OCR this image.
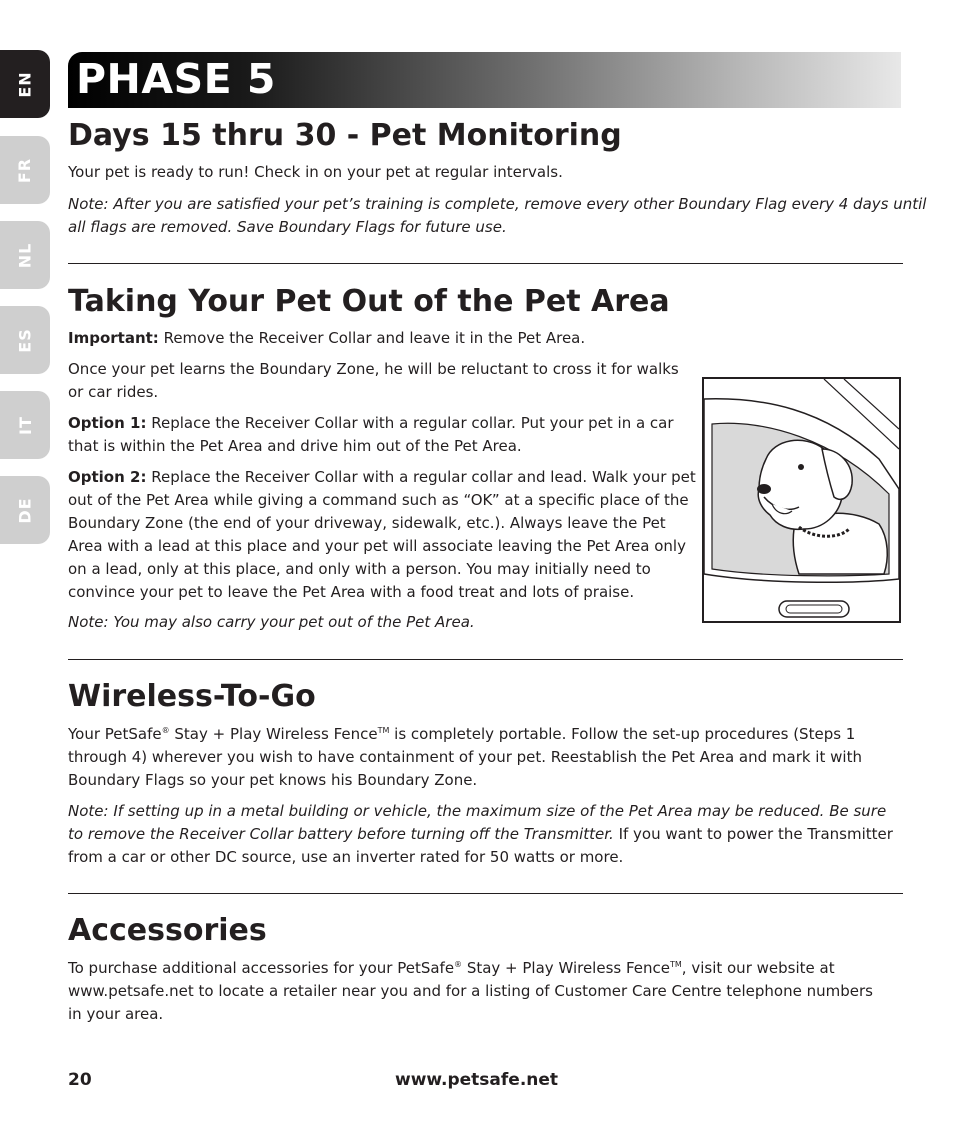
EN
FR
NL
ES
IT
DE
PHASE 5
Days 15 thru 30 - Pet Monitoring

Your pet is ready to run! Check in on your pet at regular intervals.

Note: After you are satisfied your pet’s training is complete, remove every other Boundary Flag every 4 days until

all flags are removed. Save Boundary Flags for future use.

Taking Your Pet Out of the Pet Area

Important: Remove the Receiver Collar and leave it in the Pet Area.

Once your pet learns the Boundary Zone, he will be reluctant to cross it for walks or car rides.

Option 1: Replace the Receiver Collar with a regular collar. Put your pet in a car that is within the Pet Area and drive him out of the Pet Area.

Option 2: Replace the Receiver Collar with a regular collar and lead. Walk your pet out of the Pet Area while giving a command such as “OK” at a specific place of the Boundary Zone (the end of your driveway, sidewalk, etc.). Always leave the Pet Area with a lead at this place and your pet will associate leaving the Pet Area only on a lead, only at this place, and only with a person. You may initially need to convince your pet to leave the Pet Area with a food treat and lots of praise.

Note: You may also carry your pet out of the Pet Area.

Wireless-To-Go

Your PetSafe® Stay + Play Wireless Fence™ is completely portable. Follow the set-up procedures (Steps 1 through 4) wherever you wish to have containment of your pet. Reestablish the Pet Area and mark it with Boundary Flags so your pet knows his Boundary Zone.

Note: If setting up in a metal building or vehicle, the maximum size of the Pet Area may be reduced. Be sure to remove the Receiver Collar battery before turning off the Transmitter. If you want to power the Transmitter from a car or other DC source, use an inverter rated for 50 watts or more.

Accessories

To purchase additional accessories for your PetSafe® Stay + Play Wireless Fence™, visit our website at

www.petsafe.net to locate a retailer near you and for a listing of Customer Care Centre telephone numbers

in your area.

20	www.petsafe.net
